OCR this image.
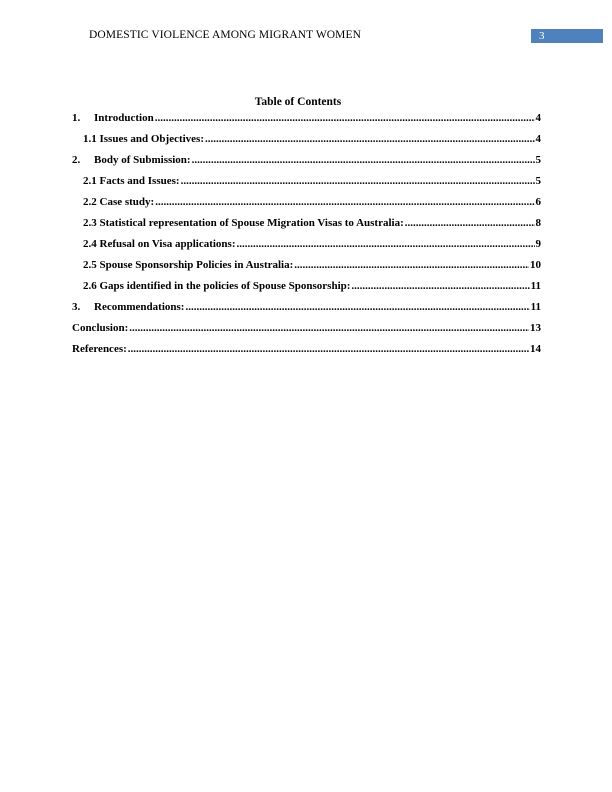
DOMESTIC VIOLENCE AMONG MIGRANT WOMEN	3
Table of Contents
1.	Introduction .....	4
1.1 Issues and Objectives: .....	4
2.	Body of Submission: .....	5
2.1 Facts and Issues: .....	5
2.2 Case study: .....	6
2.3 Statistical representation of Spouse Migration Visas to Australia: .....	8
2.4 Refusal on Visa applications: .....	9
2.5 Spouse Sponsorship Policies in Australia: .....	10
2.6 Gaps identified in the policies of Spouse Sponsorship: .....	11
3.	Recommendations: .....	11
Conclusion: .....	13
References: .....	14
